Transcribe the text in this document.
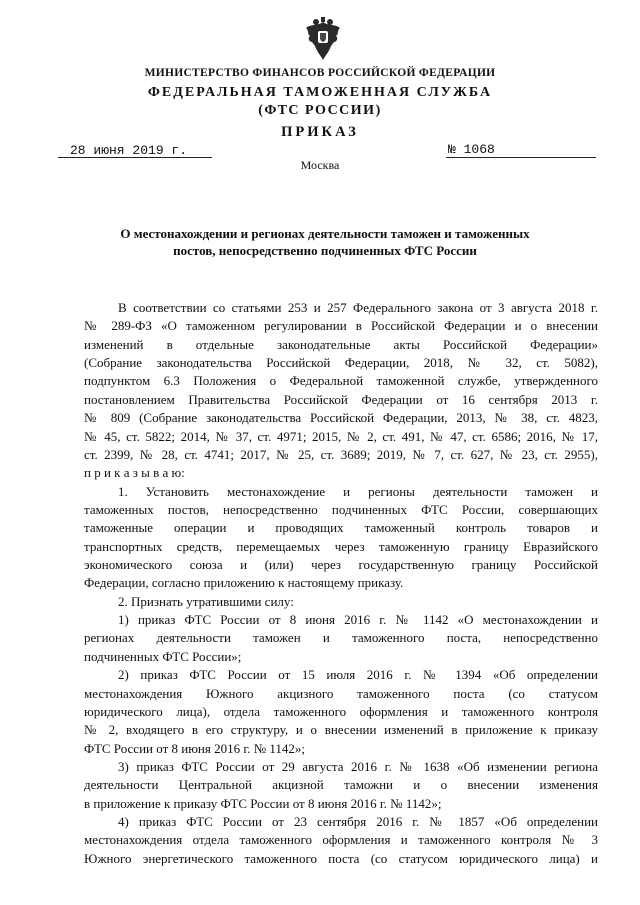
МИНИСТЕРСТВО ФИНАНСОВ РОССИЙСКОЙ ФЕДЕРАЦИИ
ФЕДЕРАЛЬНАЯ ТАМОЖЕННАЯ СЛУЖБА
(ФТС РОССИИ)
ПРИКАЗ
28 июня 2019 г.	№ 1068
Москва
О местонахождении и регионах деятельности таможен и таможенных
постов, непосредственно подчиненных ФТС России
В соответствии со статьями 253 и 257 Федерального закона от 3 августа 2018 г.
№ 289-ФЗ «О таможенном регулировании в Российской Федерации и о внесении
изменений в отдельные законодательные акты Российской Федерации»
(Собрание законодательства Российской Федерации, 2018, № 32, ст. 5082),
подпунктом 6.3 Положения о Федеральной таможенной службе, утвержденного
постановлением Правительства Российской Федерации от 16 сентября 2013 г.
№ 809 (Собрание законодательства Российской Федерации, 2013, № 38, ст. 4823,
№ 45, ст. 5822; 2014, № 37, ст. 4971; 2015, № 2, ст. 491, № 47, ст. 6586; 2016, № 17,
ст. 2399, № 28, ст. 4741; 2017, № 25, ст. 3689; 2019, № 7, ст. 627, № 23, ст. 2955),
п р и к а з ы в а ю:
1. Установить местонахождение и регионы деятельности таможен и
таможенных постов, непосредственно подчиненных ФТС России, совершающих
таможенные операции и проводящих таможенный контроль товаров и
транспортных средств, перемещаемых через таможенную границу Евразийского
экономического союза и (или) через государственную границу Российской
Федерации, согласно приложению к настоящему приказу.
2. Признать утратившими силу:
1) приказ ФТС России от 8 июня 2016 г. № 1142 «О местонахождении и
регионах деятельности таможен и таможенного поста, непосредственно
подчиненных ФТС России»;
2) приказ ФТС России от 15 июля 2016 г. № 1394 «Об определении
местонахождения Южного акцизного таможенного поста (со статусом
юридического лица), отдела таможенного оформления и таможенного контроля
№ 2, входящего в его структуру, и о внесении изменений в приложение к приказу
ФТС России от 8 июня 2016 г. № 1142»;
3) приказ ФТС России от 29 августа 2016 г. № 1638 «Об изменении региона
деятельности Центральной акцизной таможни и о внесении изменения
в приложение к приказу ФТС России от 8 июня 2016 г. № 1142»;
4) приказ ФТС России от 23 сентября 2016 г. № 1857 «Об определении
местонахождения отдела таможенного оформления и таможенного контроля № 3
Южного энергетического таможенного поста (со статусом юридического лица) и
